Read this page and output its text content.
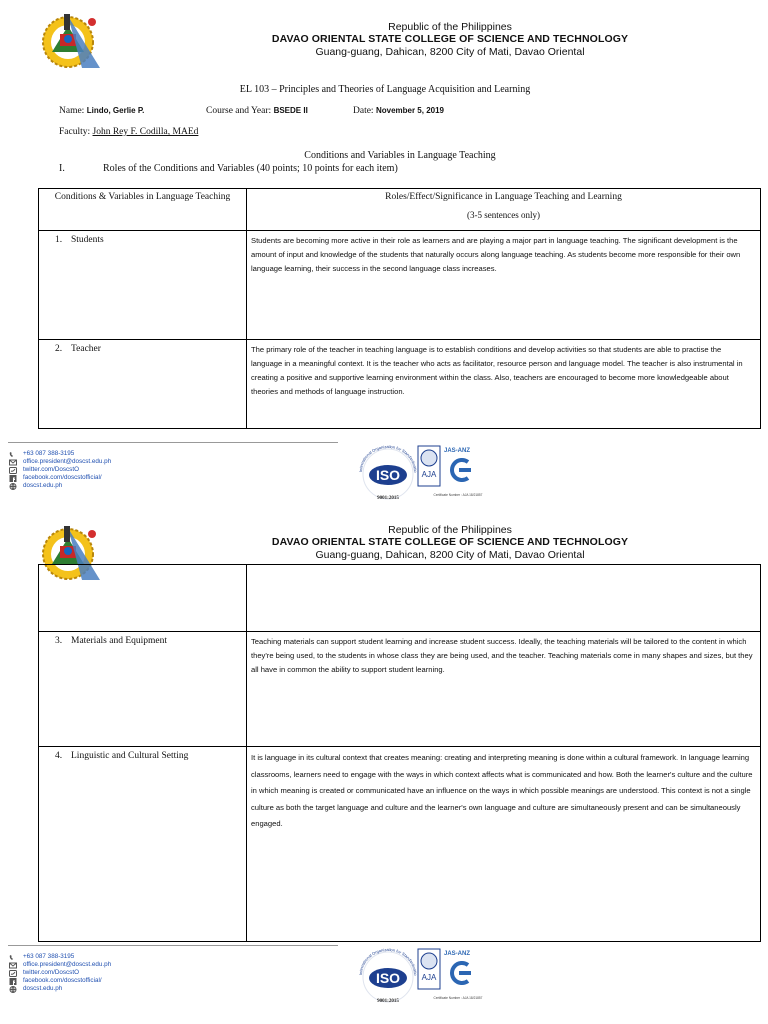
Republic of the Philippines
DAVAO ORIENTAL STATE COLLEGE OF SCIENCE AND TECHNOLOGY
Guang-guang, Dahican, 8200 City of Mati, Davao Oriental
EL 103 – Principles and Theories of Language Acquisition and Learning
Name: Lindo, Gerlie P.	Course and Year: BSEDE II	Date: November 5, 2019
Faculty: John Rey F. Codilla, MAEd
Conditions and Variables in Language Teaching
I.	Roles of the Conditions and Variables (40 points; 10 points for each item)
Conditions & Variables in Language Teaching	Roles/Effect/Significance in Language Teaching and Learning
(3-5 sentences only)

1. Students	Students are becoming more active in their role as learners and are playing a major part in language teaching. The significant development is the amount of input and knowledge of the students that naturally occurs along language teaching. As students become more responsible for their own language learning, their success in the second language class increases.
2. Teacher	The primary role of the teacher in teaching language is to establish conditions and develop activities so that students are able to practise the language in a meaningful context. It is the teacher who acts as facilitator, resource person and language model. The teacher is also instrumental in creating a positive and supportive learning environment within the class. Also, teachers are encouraged to become more knowledgeable about theories and methods of language instruction.
+63 087 388-3195
office.president@doscst.edu.ph
twitter.com/DoscstO
facebook.com/doscstofficial/
doscst.edu.ph
International Organization for Standardizatio
ISO
9001:2015
AJA
JAS-ANZ
Certificate Number : AJA 18/21857
Republic of the Philippines
DAVAO ORIENTAL STATE COLLEGE OF SCIENCE AND TECHNOLOGY
Guang-guang, Dahican, 8200 City of Mati, Davao Oriental

3. Materials and Equipment	Teaching materials can support student learning and increase student success. Ideally, the teaching materials will be tailored to the content in which they're being used, to the students in whose class they are being used, and the teacher. Teaching materials come in many shapes and sizes, but they all have in common the ability to support student learning.
4. Linguistic and Cultural Setting	It is language in its cultural context that creates meaning: creating and interpreting meaning is done within a cultural framework. In language learning classrooms, learners need to engage with the ways in which context affects what is communicated and how. Both the learner's culture and the culture in which meaning is created or communicated have an influence on the ways in which possible meanings are understood. This context is not a single culture as both the target language and culture and the learner's own language and culture are simultaneously present and can be simultaneously engaged.
+63 087 388-3195
office.president@doscst.edu.ph
twitter.com/DoscstO
facebook.com/doscstofficial/
doscst.edu.ph
International Organization for Standardizatio
ISO
9001:2015
AJA
JAS-ANZ
Certificate Number : AJA 18/21857
